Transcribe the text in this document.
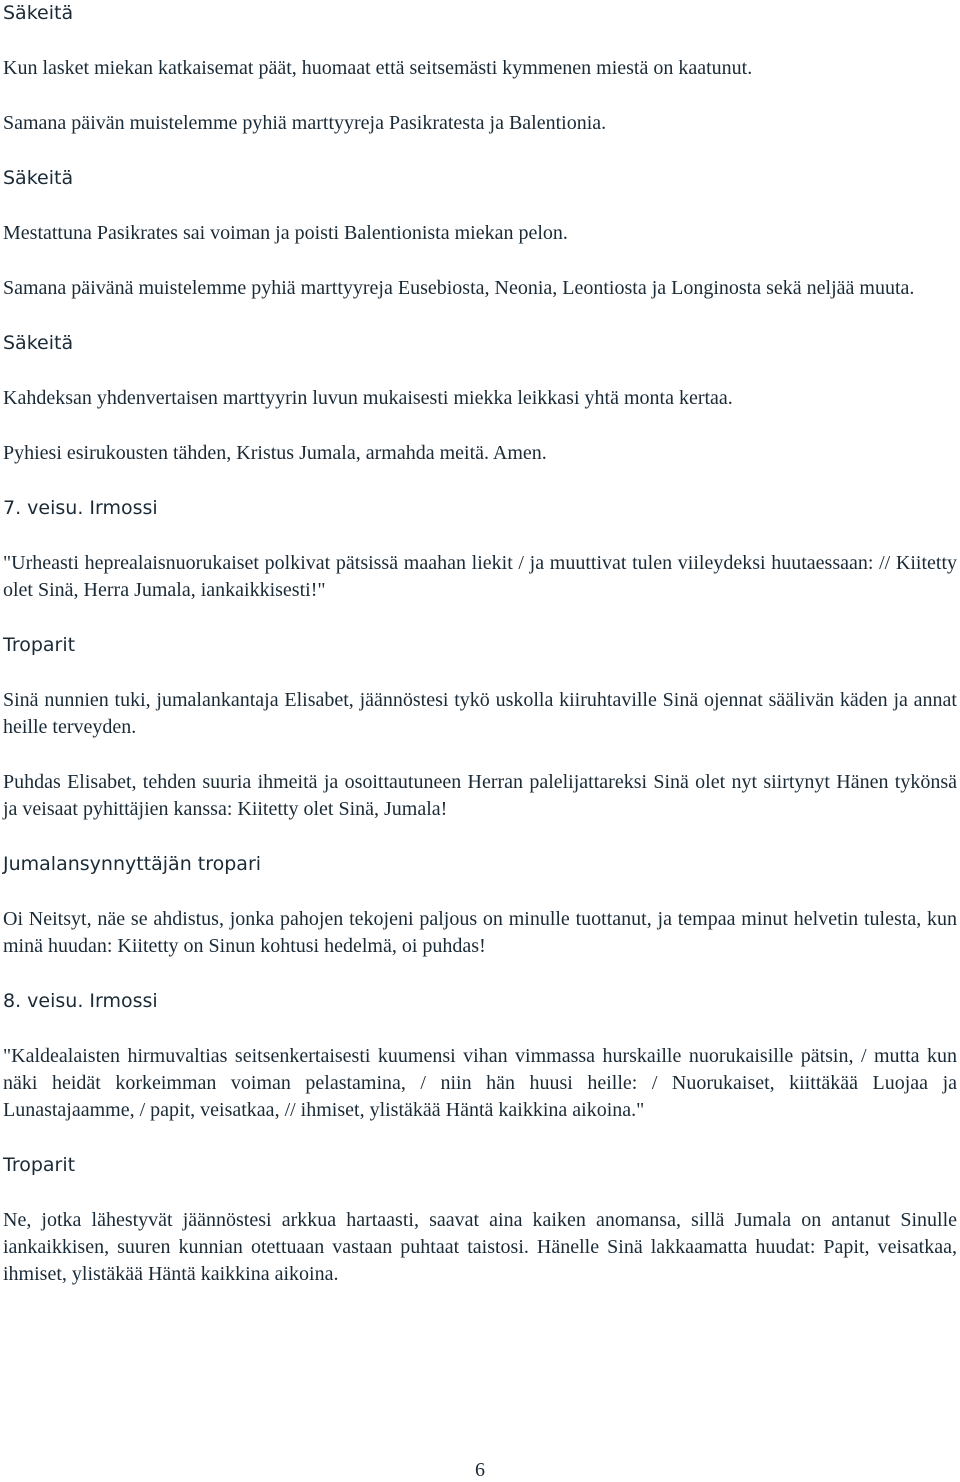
Säkeitä

Kun lasket miekan katkaisemat päät, huomaat että seitsemästi kymmenen miestä on kaatunut.

Samana päivän muistelemme pyhiä marttyyreja Pasikratesta ja Balentionia.

Säkeitä

Mestattuna Pasikrates sai voiman ja poisti Balentionista miekan pelon.

Samana päivänä muistelemme pyhiä marttyyreja Eusebiosta, Neonia, Leontiosta ja Longinosta sekä neljää muuta.

Säkeitä

Kahdeksan yhdenvertaisen marttyyrin luvun mukaisesti miekka leikkasi yhtä monta kertaa.

Pyhiesi esirukousten tähden, Kristus Jumala, armahda meitä. Amen.

7. veisu. Irmossi

"Urheasti heprealaisnuorukaiset polkivat pätsissä maahan liekit / ja muuttivat tulen viileydeksi huutaessaan: // Kiitetty olet Sinä, Herra Jumala, iankaikkisesti!"

Troparit

Sinä nunnien tuki, jumalankantaja Elisabet, jäännöstesi tykö uskolla kiiruhtaville Sinä ojennat säälivän käden ja annat heille terveyden.

Puhdas Elisabet, tehden suuria ihmeitä ja osoittautuneen Herran palelijattareksi Sinä olet nyt siirtynyt Hänen tykönsä ja veisaat pyhittäjien kanssa: Kiitetty olet Sinä, Jumala!

Jumalansynnyttäjän tropari

Oi Neitsyt, näe se ahdistus, jonka pahojen tekojeni paljous on minulle tuottanut, ja tempaa minut helvetin tulesta, kun minä huudan: Kiitetty on Sinun kohtusi hedelmä, oi puhdas!

8. veisu. Irmossi

"Kaldealaisten hirmuvaltias seitsenkertaisesti kuumensi vihan vimmassa hurskaille nuorukaisille pätsin, / mutta kun näki heidät korkeimman voiman pelastamina, / niin hän huusi heille: / Nuorukaiset, kiittäkää Luojaa ja Lunastajaamme, / papit, veisatkaa, // ihmiset, ylistäkää Häntä kaikkina aikoina."

Troparit

Ne, jotka lähestyvät jäännöstesi arkkua hartaasti, saavat aina kaiken anomansa, sillä Jumala on antanut Sinulle iankaikkisen, suuren kunnian otettuaan vastaan puhtaat taistosi. Hänelle Sinä lakkaamatta huudat: Papit, veisatkaa, ihmiset, ylistäkää Häntä kaikkina aikoina.

6
